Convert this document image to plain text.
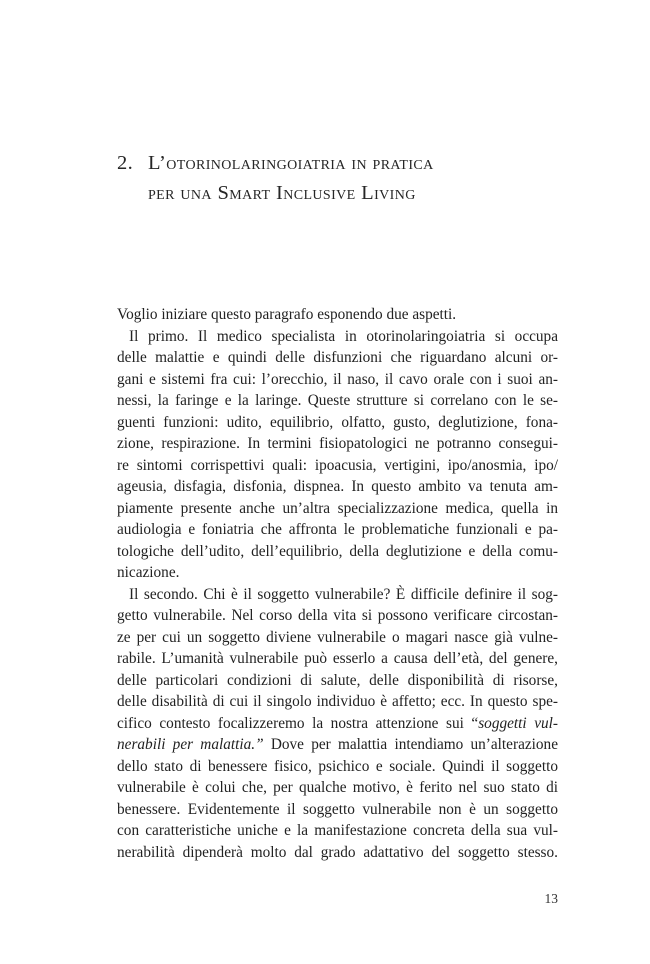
2. L’otorinolaringoiatria in pratica
per una Smart Inclusive Living

Voglio iniziare questo paragrafo esponendo due aspetti.

Il primo. Il medico specialista in otorinolaringoiatria si occupa
delle malattie e quindi delle disfunzioni che riguardano alcuni or-
gani e sistemi fra cui: l’orecchio, il naso, il cavo orale con i suoi an-
nessi, la faringe e la laringe. Queste strutture si correlano con le se-
guenti funzioni: udito, equilibrio, olfatto, gusto, deglutizione, fona-
zione, respirazione. In termini fisiopatologici ne potranno consegui-
re sintomi corrispettivi quali: ipoacusia, vertigini, ipo/anosmia, ipo/
ageusia, disfagia, disfonia, dispnea. In questo ambito va tenuta am-
piamente presente anche un’altra specializzazione medica, quella in
audiologia e foniatria che affronta le problematiche funzionali e pa-
tologiche dell’udito, dell’equilibrio, della deglutizione e della comu-
nicazione.

Il secondo. Chi è il soggetto vulnerabile? È difficile definire il sog-
getto vulnerabile. Nel corso della vita si possono verificare circostan-
ze per cui un soggetto diviene vulnerabile o magari nasce già vulne-
rabile. L’umanità vulnerabile può esserlo a causa dell’età, del genere,
delle particolari condizioni di salute, delle disponibilità di risorse,
delle disabilità di cui il singolo individuo è affetto; ecc. In questo spe-
cifico contesto focalizzeremo la nostra attenzione sui “soggetti vul-
nerabili per malattia.” Dove per malattia intendiamo un’alterazione
dello stato di benessere fisico, psichico e sociale. Quindi il soggetto
vulnerabile è colui che, per qualche motivo, è ferito nel suo stato di
benessere. Evidentemente il soggetto vulnerabile non è un soggetto
con caratteristiche uniche e la manifestazione concreta della sua vul-
nerabilità dipenderà molto dal grado adattativo del soggetto stesso.

13
